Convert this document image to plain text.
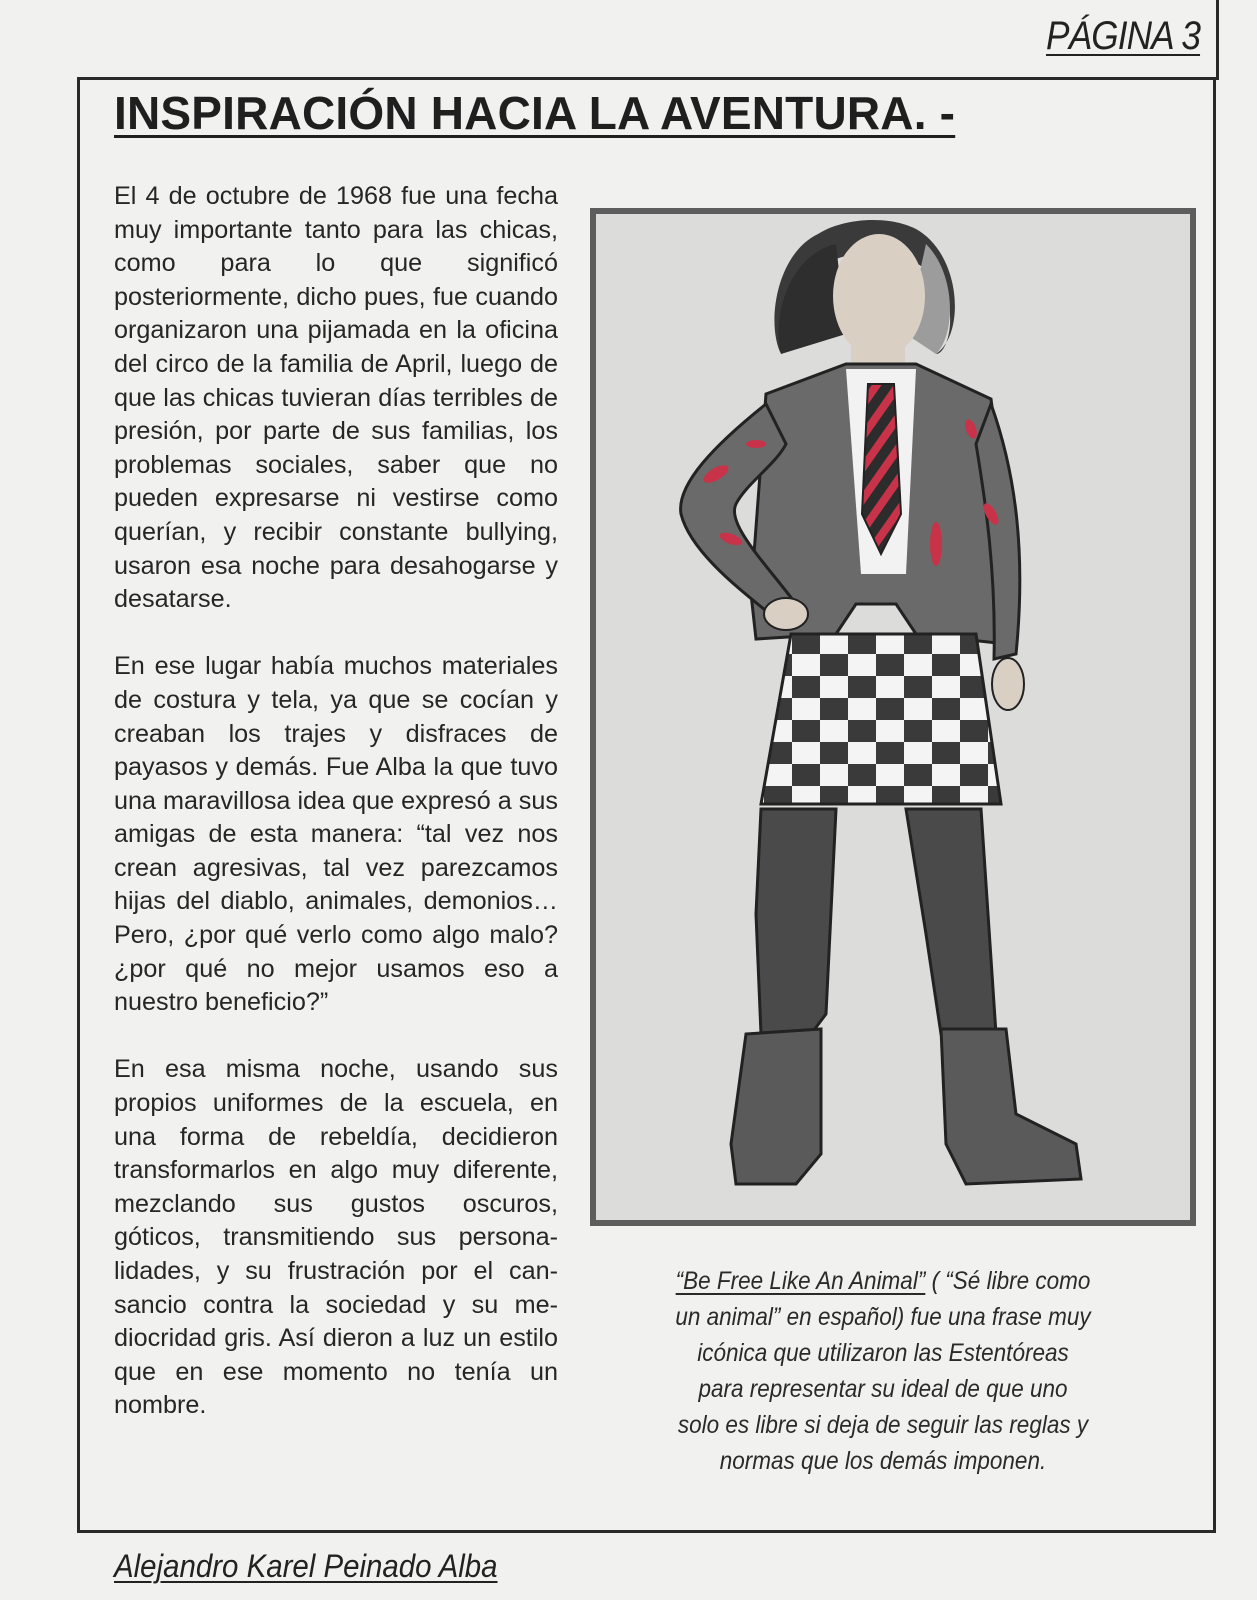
PÁGINA 3
INSPIRACIÓN HACIA LA AVENTURA. -

El 4 de octubre de 1968 fue una fecha muy importante tanto para las chicas, como para lo que significó posteriormente, dicho pues, fue cuando organizaron una pijamada en la oficina del circo de la familia de April, luego de que las chicas tuvieran días terribles de presión, por parte de sus familias, los problemas sociales, saber que no pueden expresarse ni vestirse como querían, y recibir constante bullying, usaron esa noche para desahogarse y desatarse.

En ese lugar había muchos materiales de costura y tela, ya que se cocían y creaban los trajes y disfraces de payasos y demás. Fue Alba la que tuvo una maravillosa idea que expresó a sus amigas de esta manera: “tal vez nos crean agresivas, tal vez parezcamos hijas del diablo, animales, demonios… Pero, ¿por qué verlo como algo malo? ¿por qué no mejor usamos eso a nuestro beneficio?”

En esa misma noche, usando sus propios uniformes de la escuela, en una forma de rebeldía, decidieron transformarlos en algo muy diferente, mezclando sus gustos oscuros, góticos, transmitiendo sus personalidades, y su frustración por el cansancio contra la sociedad y su mediocridad gris. Así dieron a luz un estilo que en ese momento no tenía un nombre.

“Be Free Like An Animal” ( “Sé libre como un animal” en español) fue una frase muy icónica que utilizaron las Estentóreas para representar su ideal de que uno solo es libre si deja de seguir las reglas y normas que los demás imponen.
Alejandro Karel Peinado Alba
